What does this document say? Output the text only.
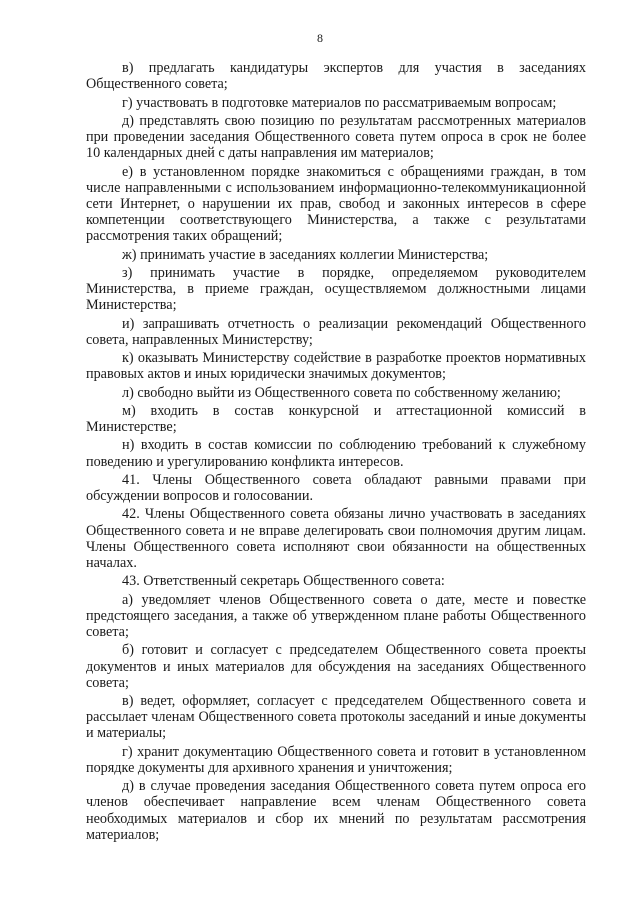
8

в) предлагать кандидатуры экспертов для участия в заседаниях Общественного совета;

г) участвовать в подготовке материалов по рассматриваемым вопросам;

д) представлять свою позицию по результатам рассмотренных материалов при проведении заседания Общественного совета путем опроса в срок не более 10 календарных дней с даты направления им материалов;

е) в установленном порядке знакомиться с обращениями граждан, в том числе направленными с использованием информационно-телекоммуникационной сети Интернет, о нарушении их прав, свобод и законных интересов в сфере компетенции соответствующего Министерства, а также с результатами рассмотрения таких обращений;

ж) принимать участие в заседаниях коллегии Министерства;

з) принимать участие в порядке, определяемом руководителем Министерства, в приеме граждан, осуществляемом должностными лицами Министерства;

и) запрашивать отчетность о реализации рекомендаций Общественного совета, направленных Министерству;

к) оказывать Министерству содействие в разработке проектов нормативных правовых актов и иных юридически значимых документов;

л) свободно выйти из Общественного совета по собственному желанию;

м) входить в состав конкурсной и аттестационной комиссий в Министерстве;

н) входить в состав комиссии по соблюдению требований к служебному поведению и урегулированию конфликта интересов.

41. Члены Общественного совета обладают равными правами при обсуждении вопросов и голосовании.

42. Члены Общественного совета обязаны лично участвовать в заседаниях Общественного совета и не вправе делегировать свои полномочия другим лицам. Члены Общественного совета исполняют свои обязанности на общественных началах.

43. Ответственный секретарь Общественного совета:

а) уведомляет членов Общественного совета о дате, месте и повестке предстоящего заседания, а также об утвержденном плане работы Общественного совета;

б) готовит и согласует с председателем Общественного совета проекты документов и иных материалов для обсуждения на заседаниях Общественного совета;

в) ведет, оформляет, согласует с председателем Общественного совета и рассылает членам Общественного совета протоколы заседаний и иные документы и материалы;

г) хранит документацию Общественного совета и готовит в установленном порядке документы для архивного хранения и уничтожения;

д) в случае проведения заседания Общественного совета путем опроса его членов обеспечивает направление всем членам Общественного совета необходимых материалов и сбор их мнений по результатам рассмотрения материалов;
